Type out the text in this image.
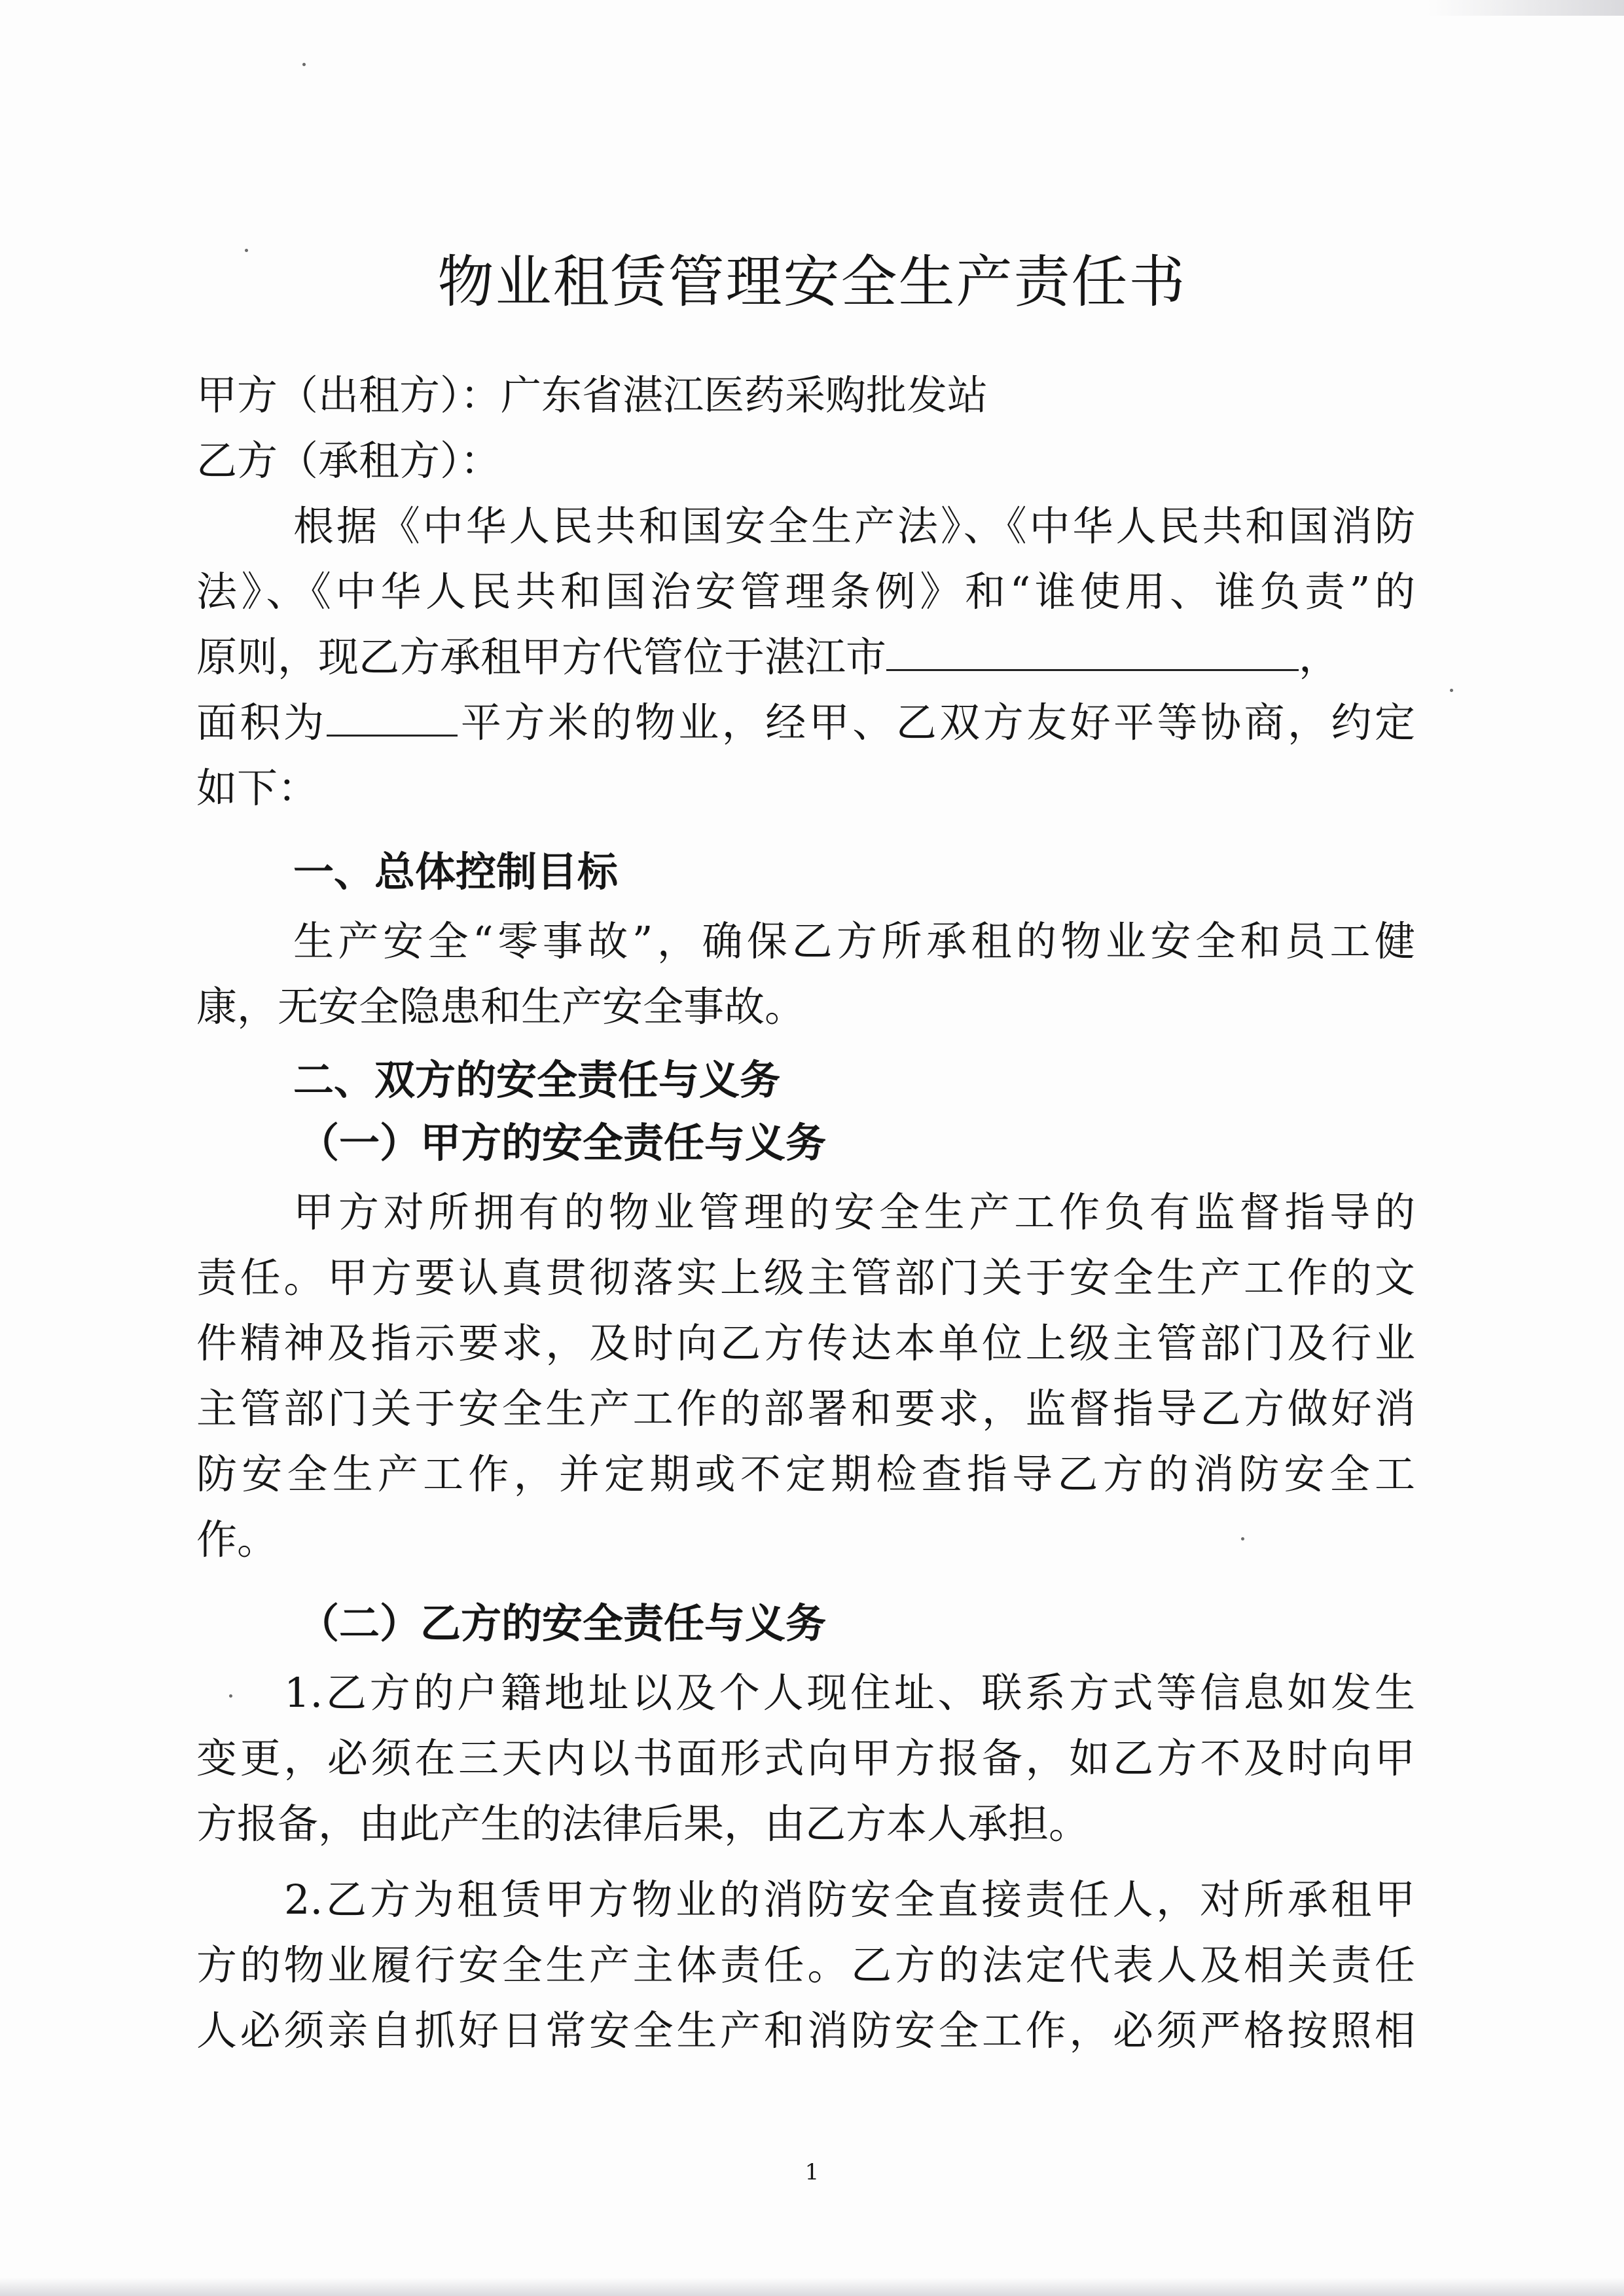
物业租赁管理安全生产责任书
甲方（出租方）：广东省湛江医药采购批发站
乙方（承租方）：
根据《中华人民共和国安全生产法》、《中华人民共和国消防
法》、《中华人民共和国治安管理条例》和“谁使用、谁负责”的
原则，现乙方承租甲方代管位于湛江市	，
面积为	平方米的物业，经甲、乙双方友好平等协商，约定
如下：
一、总体控制目标
生产安全“零事故”，确保乙方所承租的物业安全和员工健
康，无安全隐患和生产安全事故。
二、双方的安全责任与义务
（一）甲方的安全责任与义务
甲方对所拥有的物业管理的安全生产工作负有监督指导的
责任。甲方要认真贯彻落实上级主管部门关于安全生产工作的文
件精神及指示要求，及时向乙方传达本单位上级主管部门及行业
主管部门关于安全生产工作的部署和要求，监督指导乙方做好消
防安全生产工作，并定期或不定期检查指导乙方的消防安全工
作。
（二）乙方的安全责任与义务
1.乙方的户籍地址以及个人现住址、联系方式等信息如发生
变更，必须在三天内以书面形式向甲方报备，如乙方不及时向甲
方报备，由此产生的法律后果，由乙方本人承担。
2.乙方为租赁甲方物业的消防安全直接责任人，对所承租甲
方的物业履行安全生产主体责任。乙方的法定代表人及相关责任
人必须亲自抓好日常安全生产和消防安全工作，必须严格按照相
1
